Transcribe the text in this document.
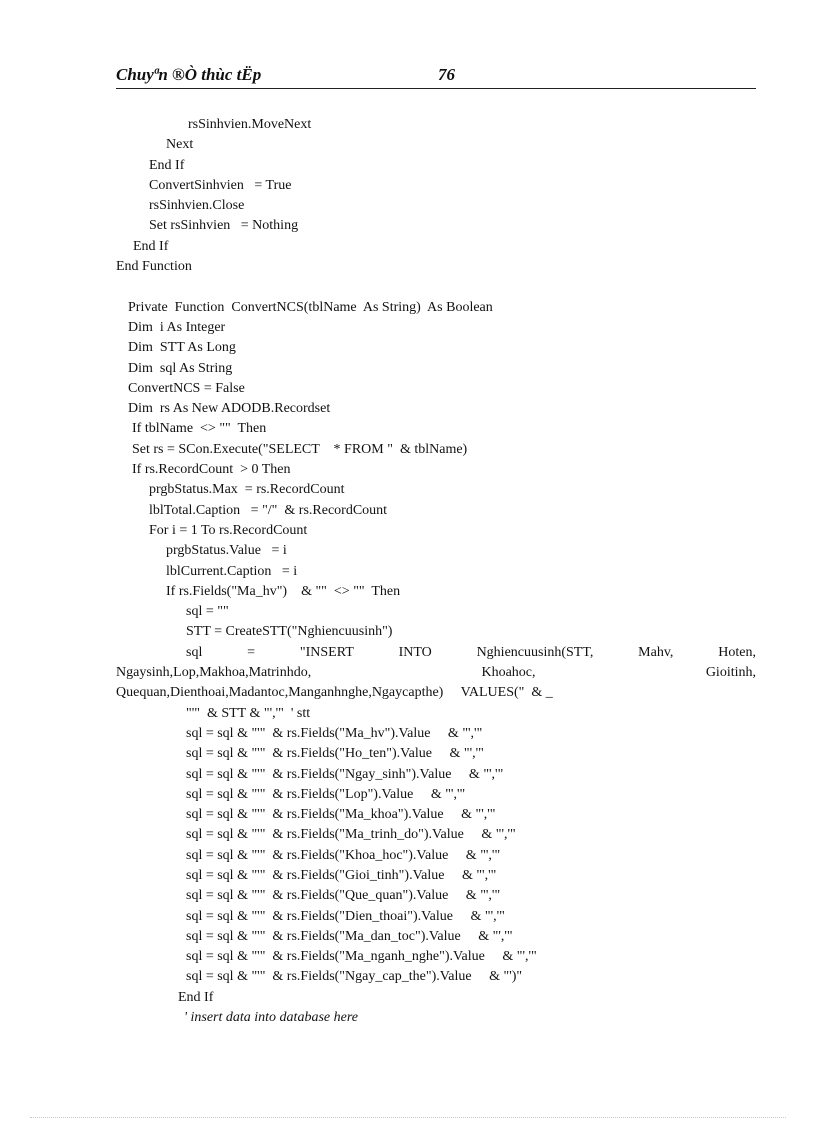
Chuyªn ®Ò thùc tËp	76
rsSinhvien.MoveNext
Next
End If
ConvertSinhvien   = True
rsSinhvien.Close
Set rsSinhvien   = Nothing
End If
End Function
Private  Function  ConvertNCS(tblName  As String)  As Boolean
Dim  i As Integer
Dim  STT As Long
Dim  sql As String
ConvertNCS = False
Dim  rs As New ADODB.Recordset
If tblName  <> ""  Then
Set rs = SCon.Execute("SELECT    * FROM "  & tblName)
If rs.RecordCount  > 0 Then
prgbStatus.Max  = rs.RecordCount
lblTotal.Caption   = "/"  & rs.RecordCount
For i = 1 To rs.RecordCount
prgbStatus.Value   = i
lblCurrent.Caption   = i
If rs.Fields("Ma_hv")    & ""  <> ""  Then
sql = ""
STT = CreateSTT("Nghiencuusinh")
sql	=	"INSERT	INTO	Nghiencuusinh(STT,	Mahv,	Hoten,
Ngaysinh,Lop,Makhoa,Matrinhdo,	Khoahoc,	Gioitinh,
Quequan,Dienthoai,Madantoc,Manganhnghe,Ngaycapthe)     VALUES("  & _
"'"  & STT & "','"  ' stt
sql = sql & "'"  & rs.Fields("Ma_hv").Value     & "','"
sql = sql & "'"  & rs.Fields("Ho_ten").Value     & "','"
sql = sql & "'"  & rs.Fields("Ngay_sinh").Value     & "','"
sql = sql & "'"  & rs.Fields("Lop").Value     & "','"
sql = sql & "'"  & rs.Fields("Ma_khoa").Value     & "','"
sql = sql & "'"  & rs.Fields("Ma_trinh_do").Value     & "','"
sql = sql & "'"  & rs.Fields("Khoa_hoc").Value     & "','"
sql = sql & "'"  & rs.Fields("Gioi_tinh").Value     & "','"
sql = sql & "'"  & rs.Fields("Que_quan").Value     & "','"
sql = sql & "'"  & rs.Fields("Dien_thoai").Value     & "','"
sql = sql & "'"  & rs.Fields("Ma_dan_toc").Value     & "','"
sql = sql & "'"  & rs.Fields("Ma_nganh_nghe").Value     & "','"
sql = sql & "'"  & rs.Fields("Ngay_cap_the").Value     & "')"
End If
' insert data into database here
